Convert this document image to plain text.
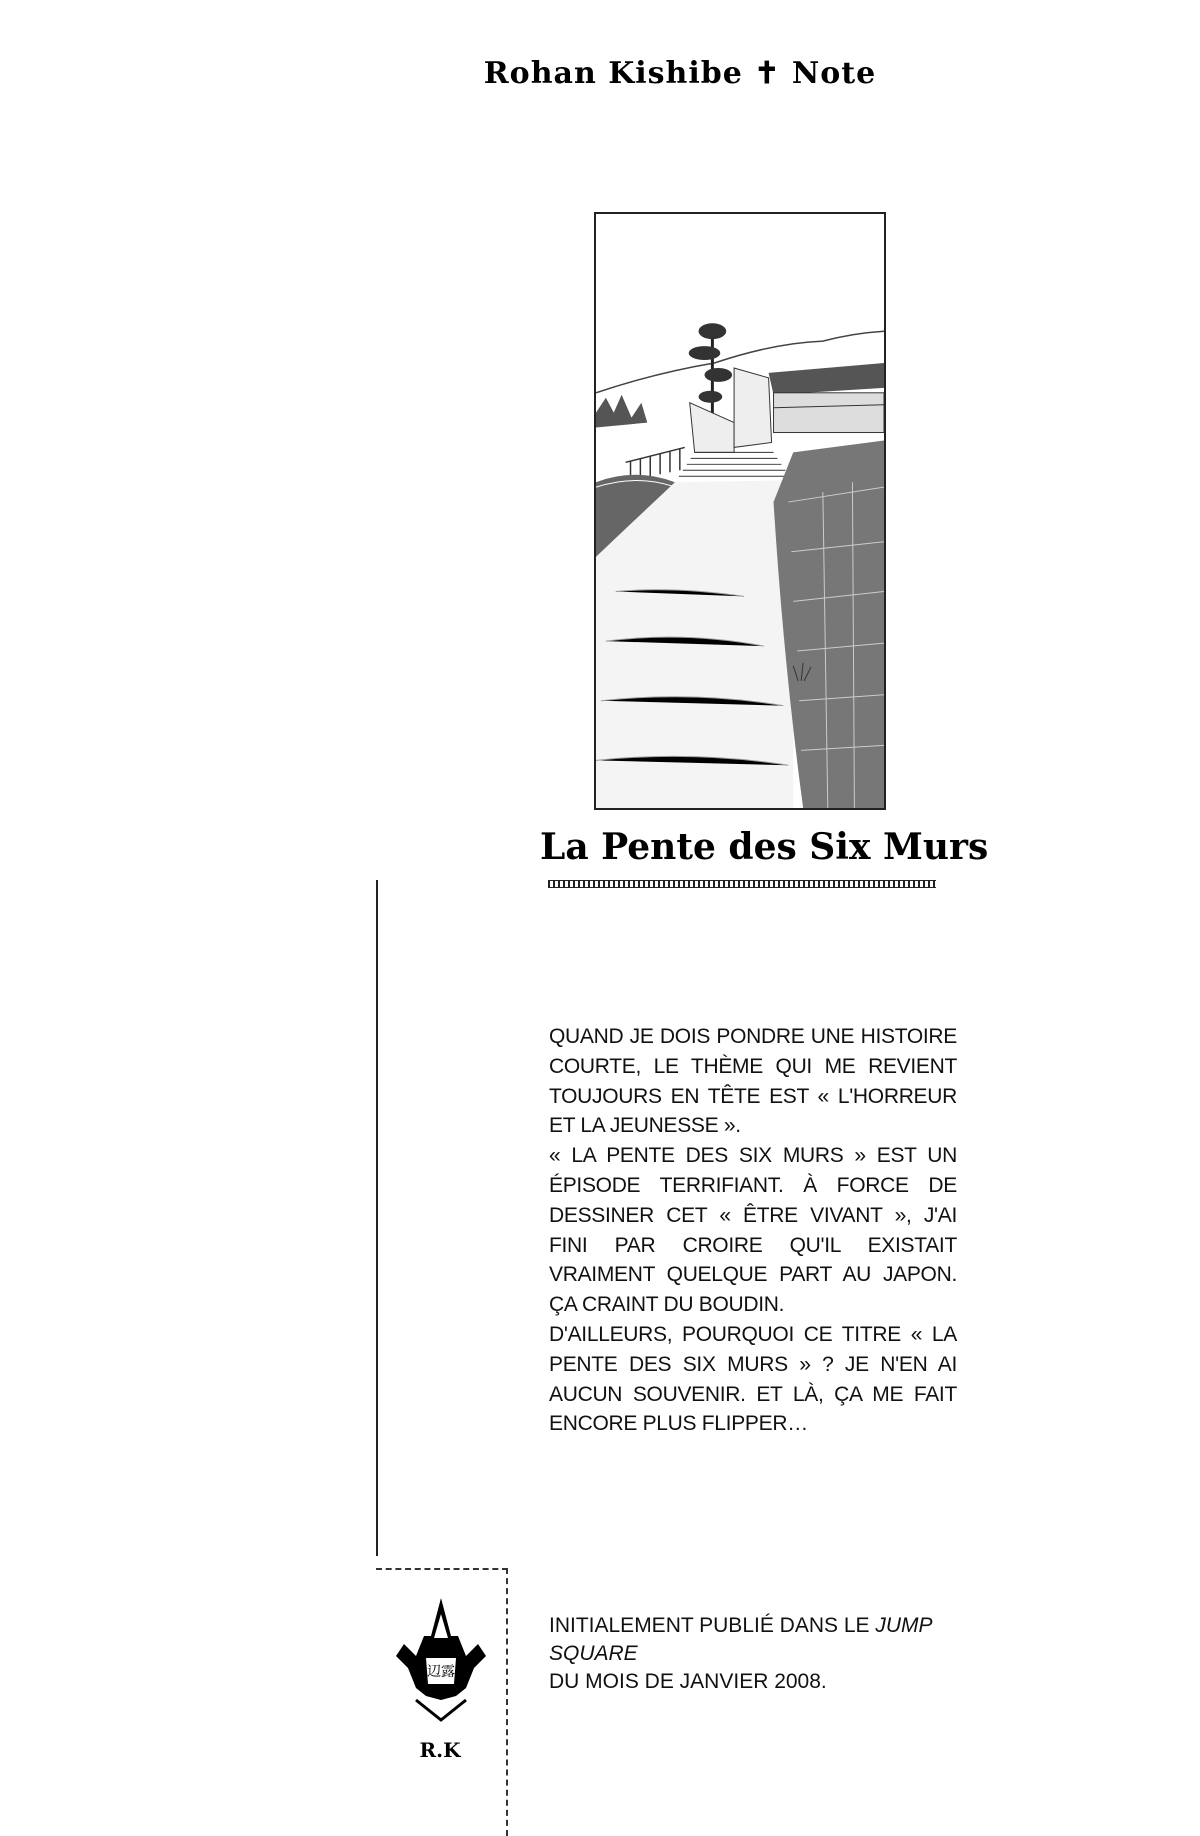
Rohan Kishibe ✝ Note
La Pente des Six Murs

QUAND JE DOIS PONDRE UNE HISTOIRE COURTE, LE THÈME QUI ME REVIENT TOUJOURS EN TÊTE EST « L'HORREUR ET LA JEUNESSE ».

« LA PENTE DES SIX MURS » EST UN ÉPISODE TERRIFIANT. À FORCE DE DESSINER CET « ÊTRE VIVANT », J'AI FINI PAR CROIRE QU'IL EXISTAIT VRAIMENT QUELQUE PART AU JAPON. ÇA CRAINT DU BOUDIN.

D'AILLEURS, POURQUOI CE TITRE « LA PENTE DES SIX MURS » ? JE N'EN AI AUCUN SOUVENIR. ET LÀ, ÇA ME FAIT ENCORE PLUS FLIPPER…

INITIALEMENT PUBLIÉ DANS LE JUMP SQUARE
DU MOIS DE JANVIER 2008.
岸辺露伴
R.K
